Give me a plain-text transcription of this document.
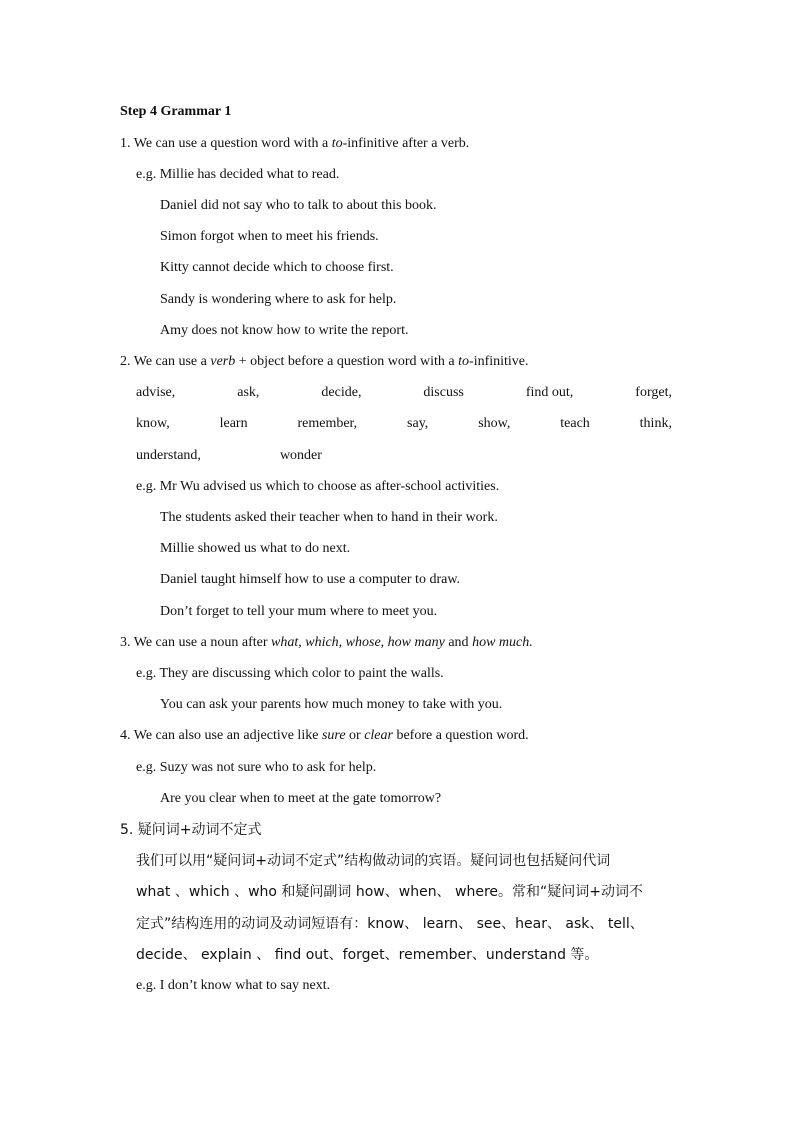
Step 4 Grammar 1
1. We can use a question word with a to-infinitive after a verb.
e.g. Millie has decided what to read.
Daniel did not say who to talk to about this book.
Simon forgot when to meet his friends.
Kitty cannot decide which to choose first.
Sandy is wondering where to ask for help.
Amy does not know how to write the report.
2. We can use a verb + object before a question word with a to-infinitive.
advise,	ask,	decide,	discuss	find out,	forget,
know,	learn	remember,	say,	show,	teach	think,
understand,	wonder
e.g. Mr Wu advised us which to choose as after-school activities.
The students asked their teacher when to hand in their work.
Millie showed us what to do next.
Daniel taught himself how to use a computer to draw.
Don’t forget to tell your mum where to meet you.
3. We can use a noun after what, which, whose, how many and how much.
e.g. They are discussing which color to paint the walls.
You can ask your parents how much money to take with you.
4. We can also use an adjective like sure or clear before a question word.
e.g. Suzy was not sure who to ask for help.
Are you clear when to meet at the gate tomorrow?
5. 疑问词+动词不定式
我们可以用“疑问词+动词不定式”结构做动词的宾语。疑问词也包括疑问代词
what 、which 、who 和疑问副词 how、when、 where。常和“疑问词+动词不
定式”结构连用的动词及动词短语有：know、 learn、 see、hear、 ask、 tell、
decide、 explain 、 find out、forget、remember、understand 等。
e.g. I don’t know what to say next.
